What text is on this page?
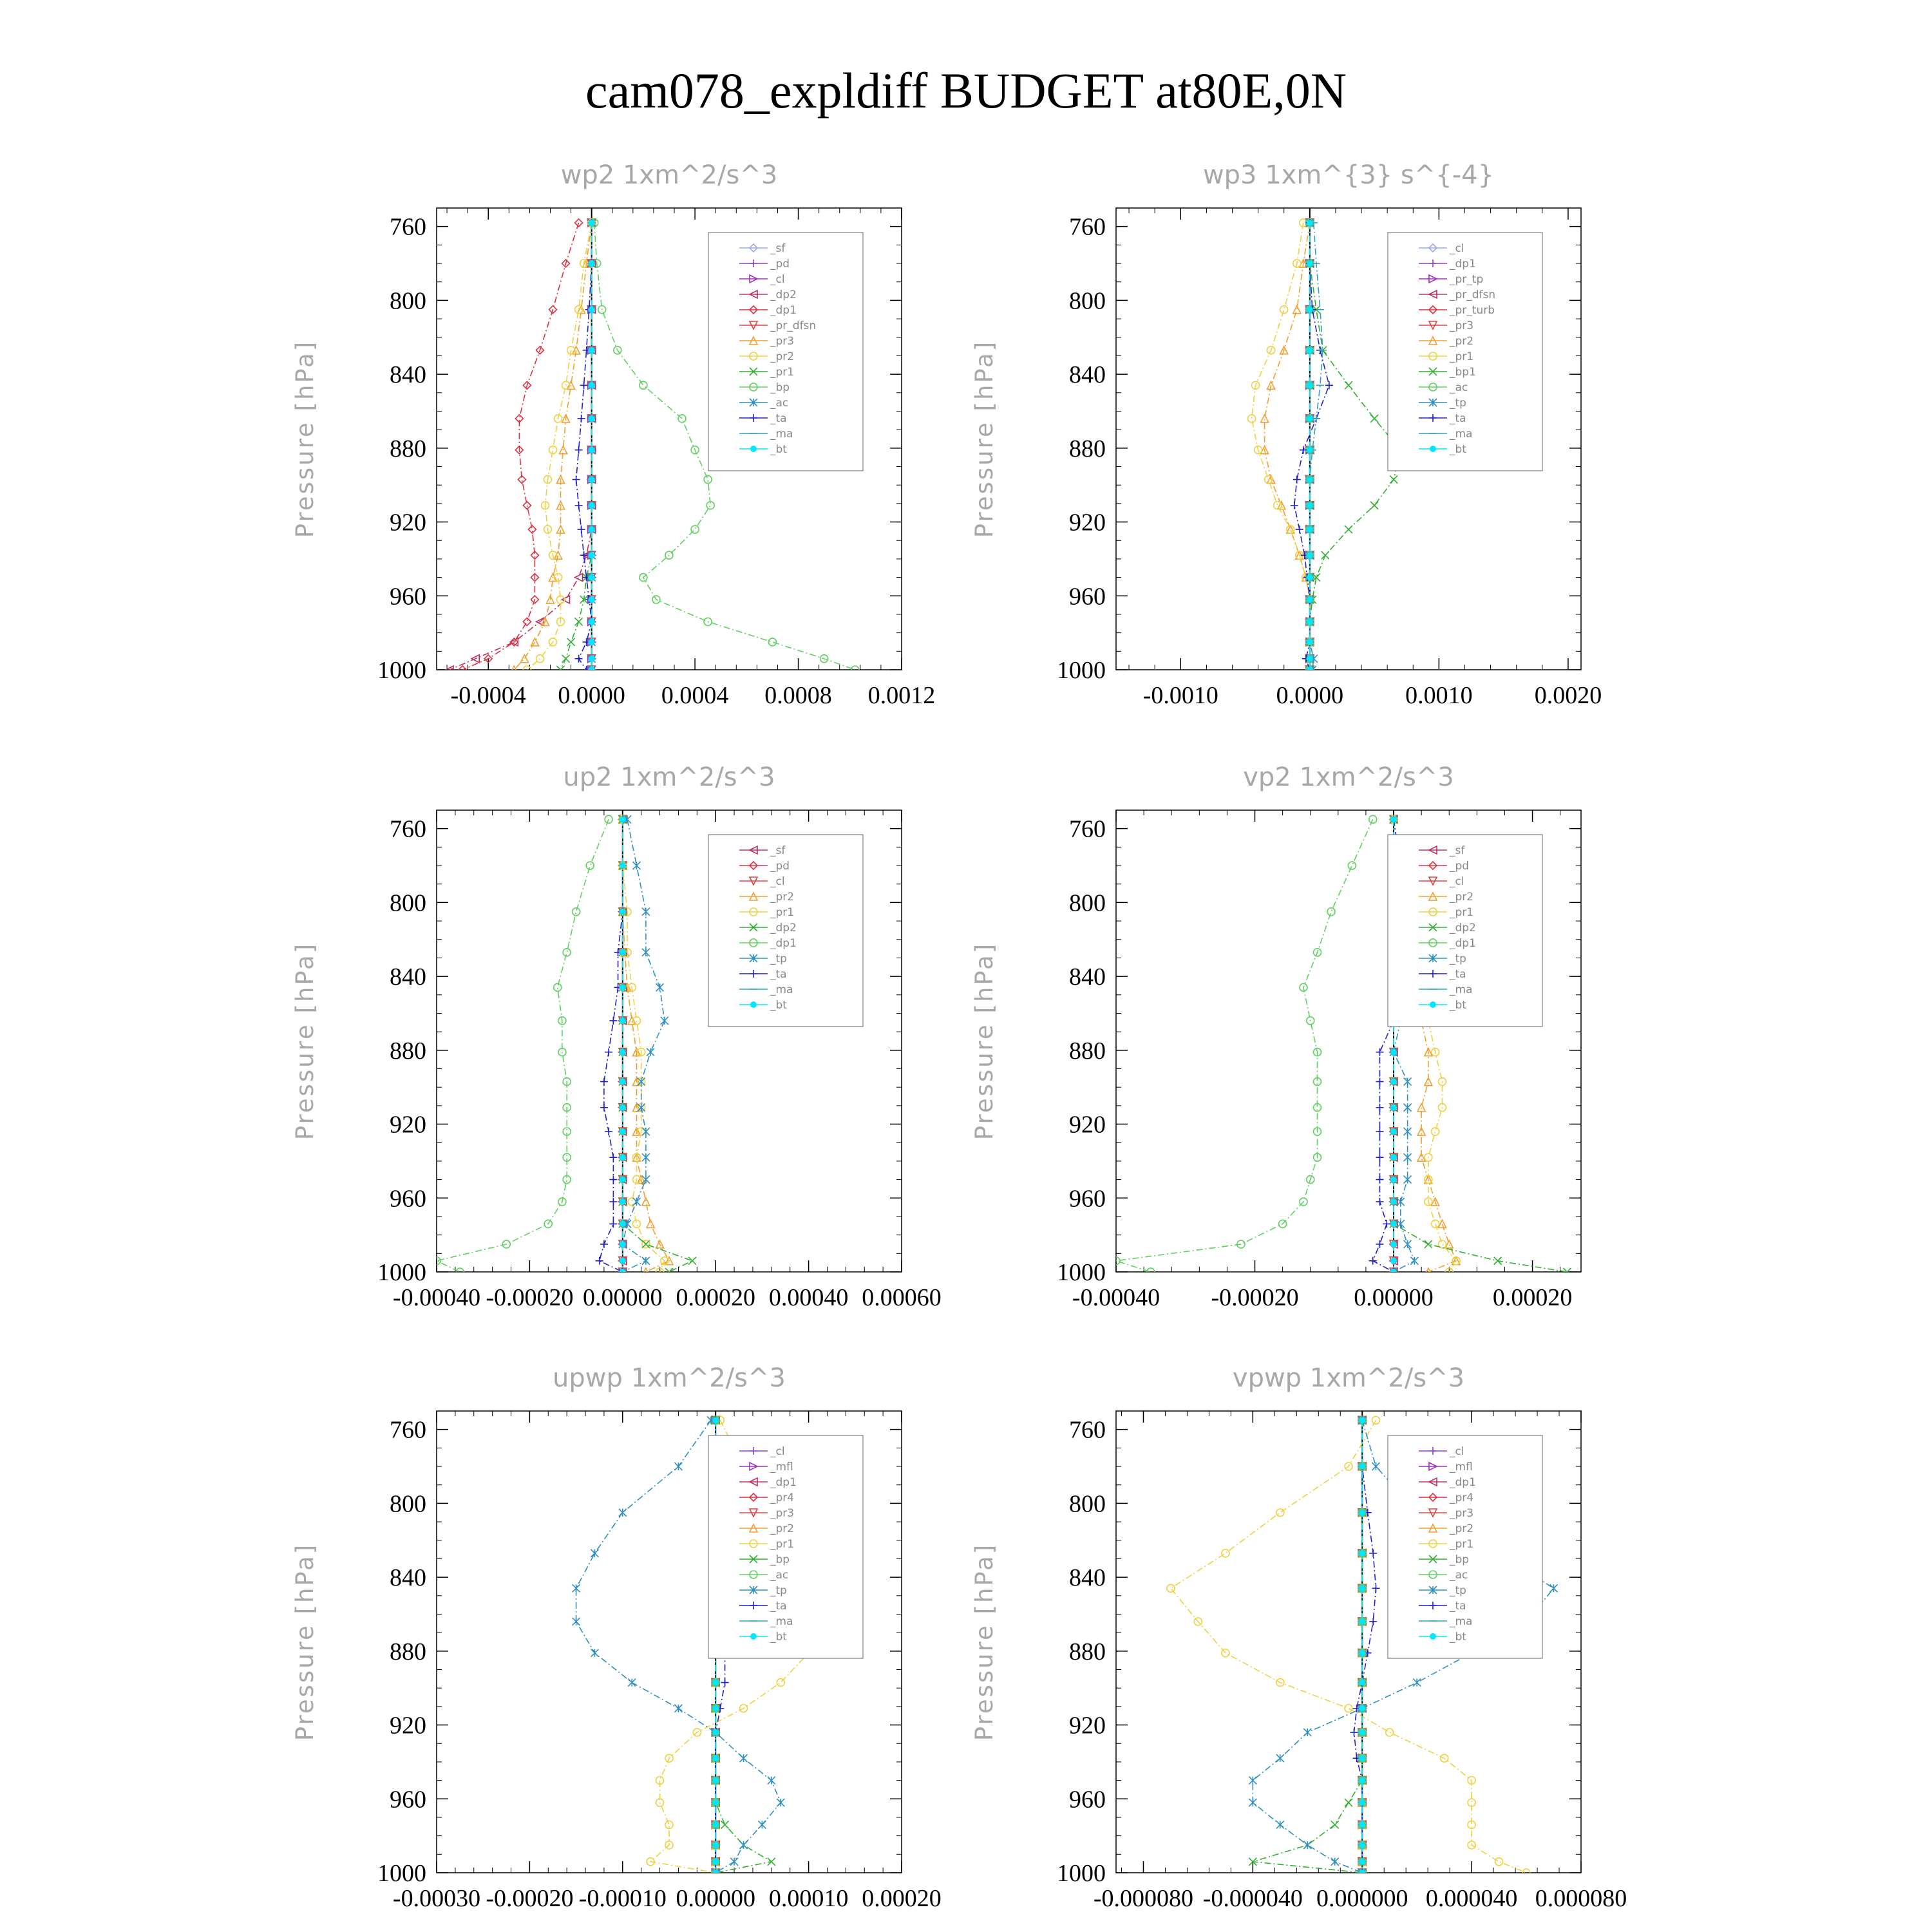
cam078_expldiff BUDGET at80E,0N
wp2 1xm^2/s^3
Pressure [hPa]
760
800
840
880
920
960
1000
-0.0004 0.0000 0.0004 0.0008 0.0012
_sf
_pd
_cl
_dp2
_dp1
_pr_dfsn
_pr3
_pr2
_pr1
_bp
_ac
_ta
_ma
_bt
wp3 1xm^{3} s^{-4}
Pressure [hPa]
760
800
840
880
920
960
1000
-0.0010 0.0000	0.0010	0.0020
_cl
_dp1
_pr_tp
_pr_dfsn
_pr_turb
_pr3
_pr2
_pr1
_bp1
_ac
_tp
_ta
_ma
_bt
up2 1xm^2/s^3
Pressure [hPa]
760
800
840
880
920
960
1000
-0.00040 -0.00020 0.00000 0.00020 0.00040 0.00060
_sf
_pd
_cl
_pr2
_pr1
_dp2
_dp1
_tp
_ta
_ma
_bt
vp2 1xm^2/s^3
Pressure [hPa]
760
800
840
880
920
960
1000
-0.00040 -0.00020 0.00000 0.00020
_sf
_pd
_cl
_pr2
_pr1
_dp2
_dp1
_tp
_ta
_ma
_bt
upwp 1xm^2/s^3
Pressure [hPa]
760
800
840
880
920
960
1000
-0.00030 -0.00020 -0.00010 0.00000 0.00010 0.00020
_cl
_mfl
_dp1
_pr4
_pr3
_pr2
_pr1
_bp
_ac
_tp
_ta
_ma
_bt
vpwp 1xm^2/s^3
Pressure [hPa]
760
800
840
880
920
960
1000
-0.000080 -0.000040 0.000000 0.000040 0.000080
_cl
_mfl
_dp1
_pr4
_pr3
_pr2
_pr1
_bp
_ac
_tp
_ta
_ma
_bt
